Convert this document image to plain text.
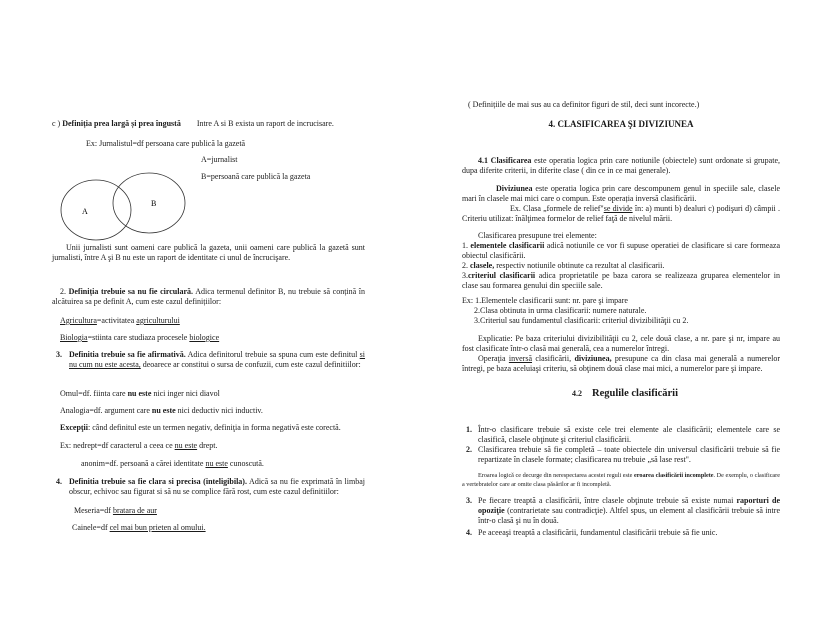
c ) Definiția prea largă și prea îngustă Intre A si B exista un raport de incrucisare.
Ex: Jurnalistul=df persoana care publică la gazetă
A=jurnalist
B=persoană care publică la gazeta
A
B
Unii jurnalisti sunt oameni care publică la gazeta, unii oameni care publică la gazetă sunt jurnalisti, între A şi B nu este un raport de identitate ci unul de încrucişare.
2. Definiția trebuie sa nu fie circulară. Adica termenul definitor B, nu trebuie să conțină în alcătuirea sa pe definit A, cum este cazul definițiilor:
Agricultura=activitatea agriculturului
Biologia=stiinta care studiaza procesele biologice
3. Definitia trebuie sa fie afirmativă. Adica definitorul trebuie sa spuna cum este definitul si nu cum nu este acesta, deoarece ar constitui o sursa de confuzii, cum este cazul definitiilor:
Omul=df. fiinta care nu este nici inger nici diavol
Analogia=df. argument care nu este nici deductiv nici inductiv.
Excepţii: când definitul este un termen negativ, definiţia in forma negativă este corectă.
Ex: nedrept=df caracterul a ceea ce nu este drept.
anonim=df. persoană a cărei identitate nu este cunoscută.
4. Definitia trebuie sa fie clara si precisa (inteligibila). Adică sa nu fie exprimată în limbaj obscur, echivoc sau figurat si să nu se complice fără rost, cum este cazul definitiilor:
Meseria=df bratara de aur
Cainele=df cel mai bun prieten al omului.
( Definițiile de mai sus au ca definitor figuri de stil, deci sunt incorecte.)
4. CLASIFICAREA ŞI DIVIZIUNEA
4.1 Clasificarea este operatia logica prin care notiunile (obiectele) sunt ordonate si grupate, dupa diferite criterii, in diferite clase ( din ce in ce mai generale).
Diviziunea este operatia logica prin care descompunem genul in speciile sale, clasele mari în clasele mai mici care o compun. Este operația inversă clasificării.
Ex. Clasa „formele de relief"se divide în: a) munti b) dealuri c) podişuri d) câmpii . Criteriu utilizat: înălţimea formelor de relief faţă de nivelul mării.
Clasificarea presupune trei elemente:
1. elementele clasificarii adică notiunile ce vor fi supuse operatiei de clasificare si care formeaza obiectul clasificării.
2. clasele, respectiv notiunile obtinute ca rezultat al clasificarii.
3.criteriul clasificarii adica proprietatile pe baza carora se realizeaza gruparea elementelor in clase sau formarea genului din speciile sale.
Ex: 1.Elementele clasificarii sunt: nr. pare şi impare
2.Clasa obtinuta in urma clasificarii: numere naturale.
3.Criteriul sau fundamentul clasificarii: criteriul divizibilităţii cu 2.
Explicatie: Pe baza criteriului divizibilităţii cu 2, cele două clase, a nr. pare şi nr, impare au fost clasificate într-o clasă mai generală, cea a numerelor întregi.
Operaţia inversă clasificării, diviziunea, presupune ca din clasa mai generală a numerelor întregi, pe baza aceluiaşi criteriu, să obţinem două clase mai mici, a numerelor pare şi impare.
4.2 Regulile clasificării
1. Într-o clasificare trebuie să existe cele trei elemente ale clasificării; elementele care se clasifică, clasele obţinute şi criteriul clasificării.
2. Clasificarea trebuie să fie completă – toate obiectele din universul clasificării trebuie să fie repartizate în clasele formate; clasificarea nu trebuie „să lase rest".
Eroarea logică ce decurge din nerespectarea acestei reguli este eroarea clasificării incomplete. De exemplu, o clasificare a vertebratelor care ar omite clasa păsărilor ar fi incompletă.
3. Pe fiecare treaptă a clasificării, între clasele obţinute trebuie să existe numai raporturi de opoziţie (contrarietate sau contradicţie). Altfel spus, un element al clasificării trebuie să intre într-o clasă şi nu în două.
4. Pe aceeaşi treaptă a clasificării, fundamentul clasificării trebuie să fie unic.
